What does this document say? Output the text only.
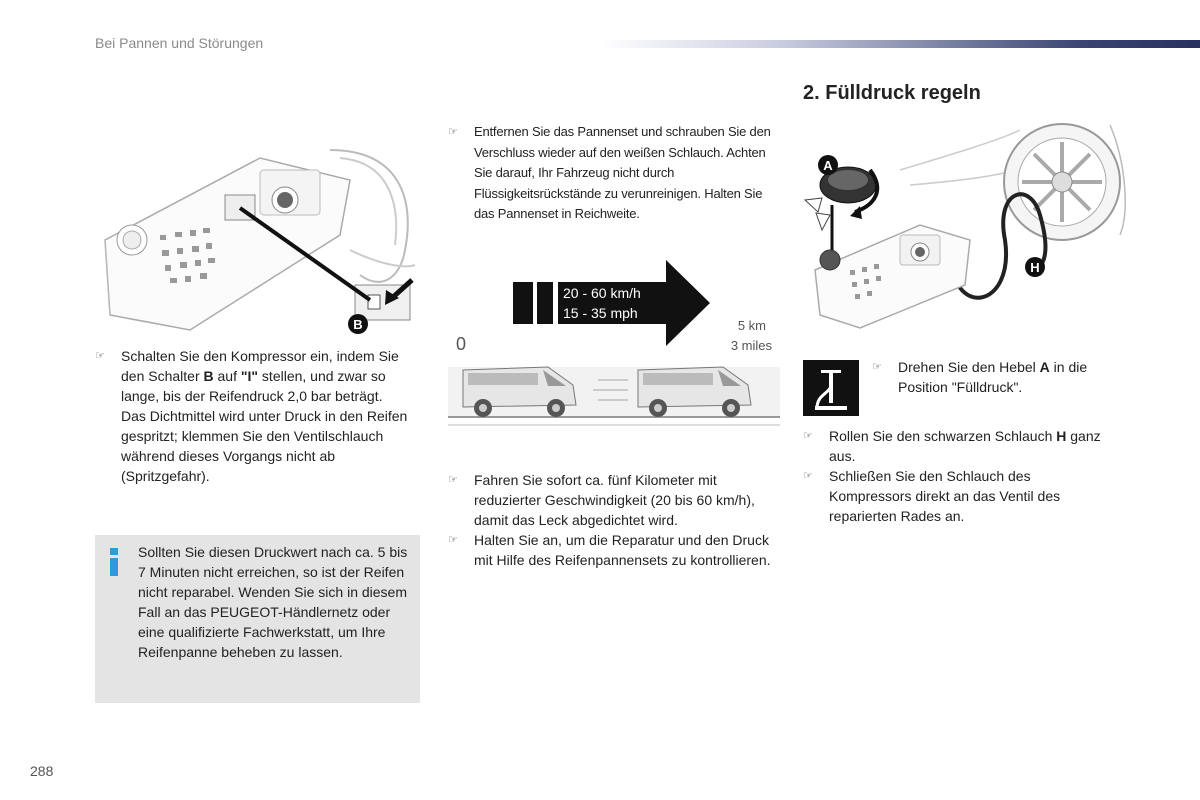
Bei Pannen und Störungen
B
☞	Schalten Sie den Kompressor ein, indem Sie den Schalter B auf "I" stellen, und zwar so lange, bis der Reifendruck 2,0 bar beträgt.

Das Dichtmittel wird unter Druck in den Reifen gespritzt; klemmen Sie den Ventilschlauch während dieses Vorgangs nicht ab (Spritzgefahr).

Sollten Sie diesen Druckwert nach ca. 5 bis 7 Minuten nicht erreichen, so ist der Reifen nicht reparabel. Wenden Sie sich in diesem Fall an das PEUGEOT-Händlernetz oder eine qualifizierte Fachwerkstatt, um Ihre Reifenpanne beheben zu lassen.
☞	Entfernen Sie das Pannenset und schrauben Sie den Verschluss wieder auf den weißen Schlauch. Achten Sie darauf, Ihr Fahrzeug nicht durch Flüssigkeitsrückstände zu verunreinigen. Halten Sie das Pannenset in Reichweite.

20 - 60 km/h
15 - 35 mph
0
5 km
3 miles
☞	Fahren Sie sofort ca. fünf Kilometer mit reduzierter Geschwindigkeit (20 bis 60 km/h), damit das Leck abgedichtet wird.

☞	Halten Sie an, um die Reparatur und den Druck mit Hilfe des Reifenpannensets zu kontrollieren.

2. Fülldruck regeln
A
H
☞	Drehen Sie den Hebel A in die Position "Fülldruck".

☞	Rollen Sie den schwarzen Schlauch H ganz aus.

☞	Schließen Sie den Schlauch des Kompressors direkt an das Ventil des reparierten Rades an.

288
